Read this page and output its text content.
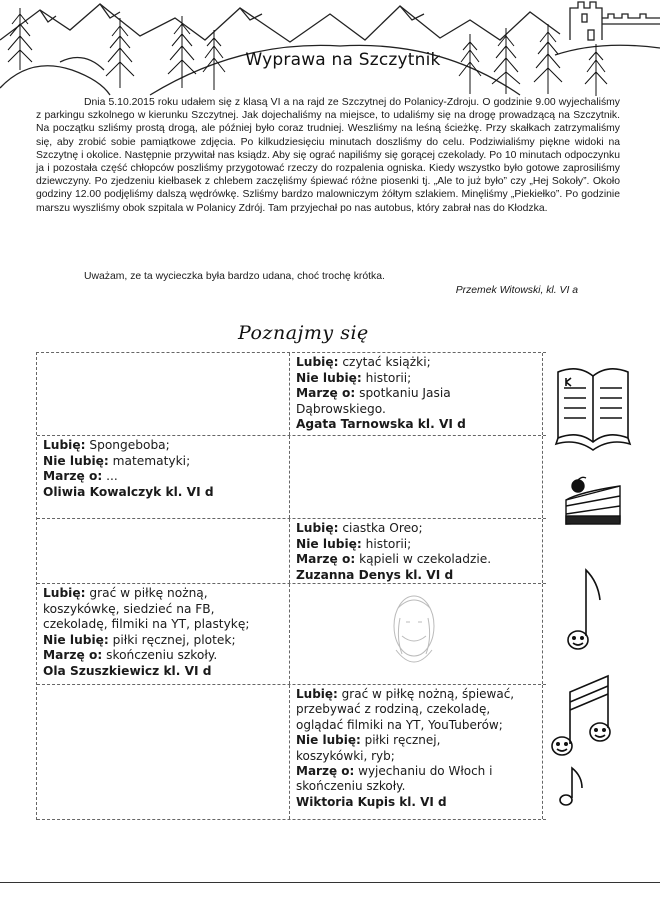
Wyprawa na Szczytnik

Dnia 5.10.2015 roku udałem się z klasą VI a na rajd ze Szczytnej do Polanicy-Zdroju. O godzinie 9.00 wyjechaliśmy z parkingu szkolnego w kierunku Szczytnej. Jak dojechaliśmy na miejsce, to udaliśmy się na drogę prowadzącą na Szczytnik. Na początku szliśmy prostą drogą, ale później było coraz trudniej. Weszliśmy na leśną ścieżkę. Przy skałkach zatrzymaliśmy się, aby zrobić sobie pamiątkowe zdjęcia. Po kilkudziesięciu minutach doszliśmy do celu. Podziwialiśmy piękne widoki na Szczytnę i okolice. Następnie przywitał nas ksiądz. Aby się ograć napiliśmy się gorącej czekolady. Po 10 minutach odpoczynku ja i pozostała część chłopców poszliśmy przygotować rzeczy do rozpalenia ogniska. Kiedy wszystko było gotowe zaprosiliśmy dziewczyny. Po zjedzeniu kiełbasek z chlebem zaczęliśmy śpiewać różne piosenki tj. „Ale to już było” czy „Hej Sokoły”. Około godziny 12.00 podjęliśmy dalszą wędrówkę. Szliśmy bardzo malowniczym żółtym szlakiem. Minęliśmy „Piekiełko”. Po godzinie marszu wyszliśmy obok szpitala w Polanicy Zdrój. Tam przyjechał po nas autobus, który zabrał nas do Kłodzka.

Uważam, ze ta wycieczka była bardzo udana, choć trochę krótka.

Przemek Witowski, kl. VI a
Poznajmy się
Lubię: czytać książki;
Nie lubię: historii;
Marzę o: spotkaniu Jasia
Dąbrowskiego.
Agata Tarnowska kl. VI d
Lubię: Spongeboba;
Nie lubię: matematyki;
Marzę o: ...
Oliwia Kowalczyk kl. VI d
Lubię: ciastka Oreo;
Nie lubię: historii;
Marzę o: kąpieli w czekoladzie.
Zuzanna Denys kl. VI d
Lubię: grać w piłkę nożną,
koszykówkę, siedzieć na FB,
czekoladę, filmiki na YT, plastykę;
Nie lubię: piłki ręcznej, plotek;
Marzę o: skończeniu szkoły.
Ola Szuszkiewicz kl. VI d
Lubię: grać w piłkę nożną, śpiewać,
przebywać z rodziną, czekoladę,
oglądać filmiki na YT, YouTuberów;
Nie lubię: piłki ręcznej,
koszykówki, ryb;
Marzę o: wyjechaniu do Włoch i
skończeniu szkoły.
Wiktoria Kupis kl. VI d
